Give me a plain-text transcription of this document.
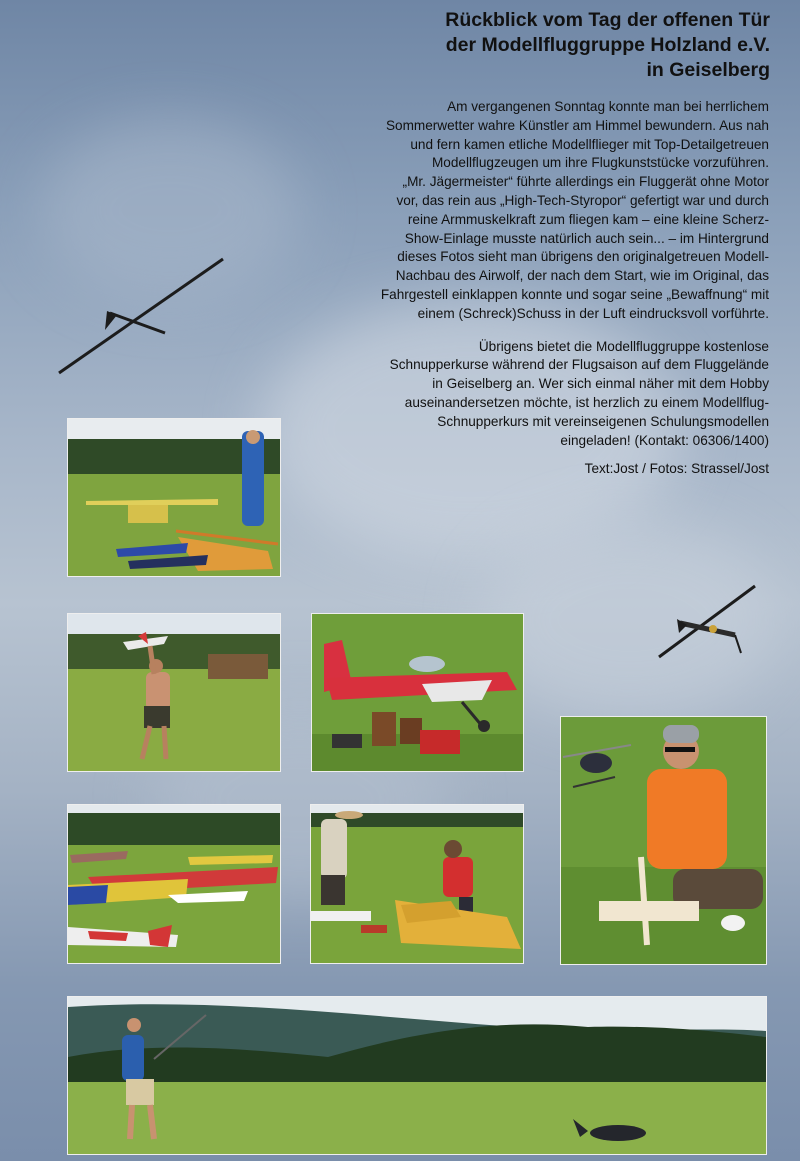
Rückblick vom Tag der offenen Tür
der Modellfluggruppe Holzland e.V.
in Geiselberg

Am vergangenen Sonntag konnte man bei herrlichem
Sommerwetter wahre Künstler am Himmel bewundern. Aus nah
und fern kamen etliche Modellflieger mit Top-Detailgetreuen
Modellflugzeugen um ihre Flugkunststücke vorzuführen.
„Mr. Jägermeister“ führte allerdings ein Fluggerät ohne Motor
vor, das rein aus „High-Tech-Styropor“ gefertigt war und durch
reine Armmuskelkraft zum fliegen kam – eine kleine Scherz-
Show-Einlage musste natürlich auch sein... – im Hintergrund
dieses Fotos sieht man übrigens den originalgetreuen Modell-
Nachbau des Airwolf, der nach dem Start, wie im Original, das
Fahrgestell einklappen konnte und sogar seine „Bewaffnung“ mit
einem (Schreck)Schuss in der Luft eindrucksvoll vorführte.

Übrigens bietet die Modellfluggruppe kostenlose
Schnupperkurse während der Flugsaison auf dem Fluggelände
in Geiselberg an. Wer sich einmal näher mit dem Hobby
auseinandersetzen möchte, ist herzlich zu einem Modellflug-
Schnupperkurs mit vereinseigenen Schulungsmodellen
eingeladen! (Kontakt: 06306/1400)

Text:Jost / Fotos: Strassel/Jost
